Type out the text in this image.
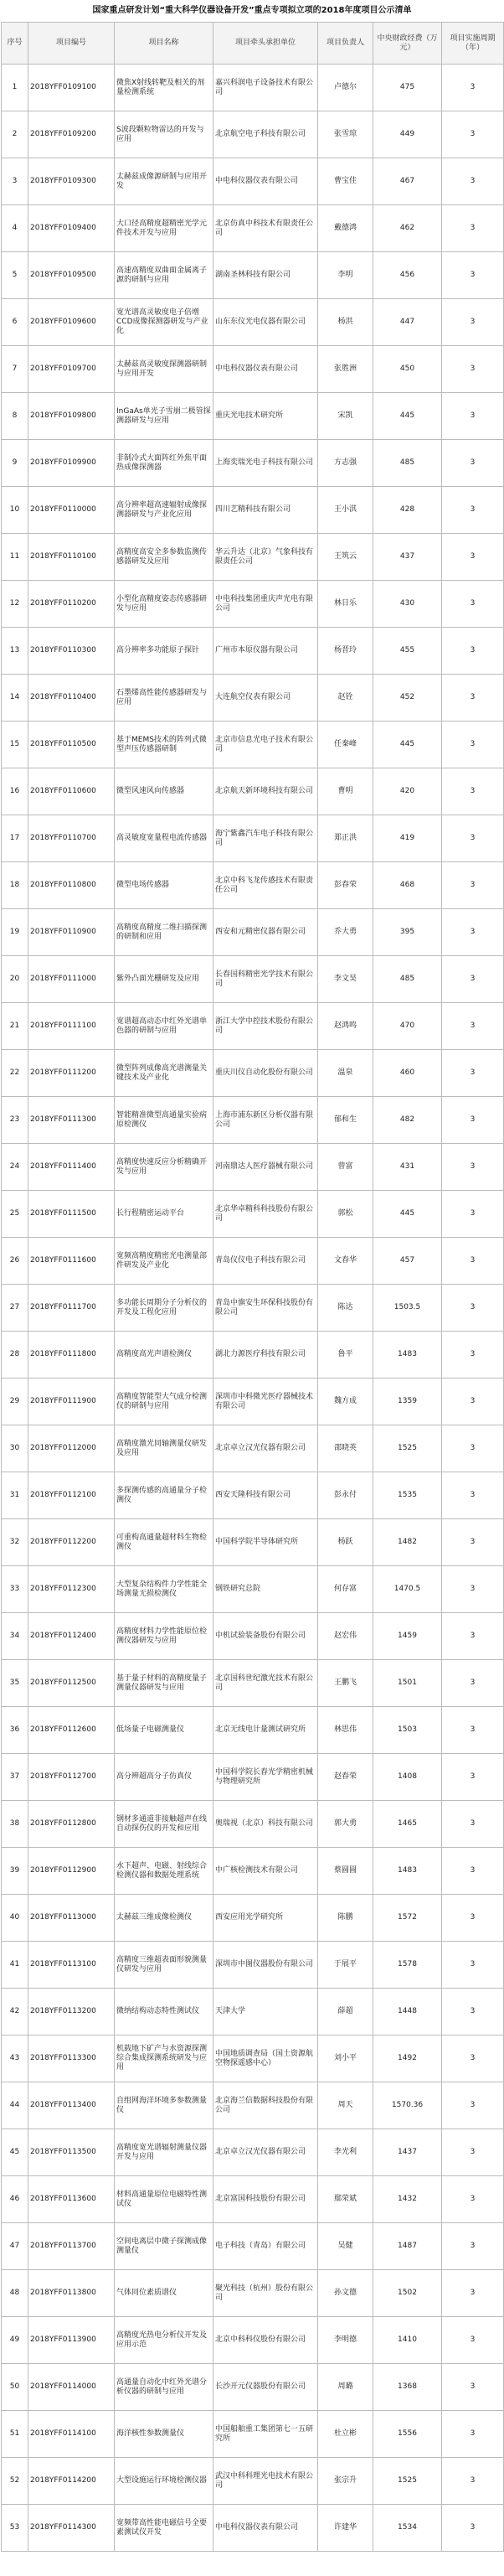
国家重点研发计划“重大科学仪器设备开发”重点专项拟立项的2018年度项目公示清单
序号	项目编号	项目名称	项目牵头承担单位	项目负责人	中央财政经费（万元）	项目实施周期（年）
1	2018YFF0109100	微焦X射线转靶及相关的剂量检测系统	嘉兴科润电子设备技术有限公司	卢德尔	475	3
2	2018YFF0109200	S波段颗粒物雷达的开发与应用	北京航空电子科技有限公司	张雪琼	449	3
3	2018YFF0109300	太赫兹成像源研制与应用开发	中电科仪器仪表有限公司	曹宝佳	467	3
4	2018YFF0109400	大口径高精度超精密光学元件技术开发与应用	北京仿真中科技术有限责任公司	戴德鸿	462	3
5	2018YFF0109500	高速高精度双曲面金属离子源的研制与应用	湖南圣林科技有限公司	李明	456	3
6	2018YFF0109600	宽光谱高灵敏度电子倍增CCD成像探测器研发与产业化	山东东仪光电仪器有限公司	杨洪	447	3
7	2018YFF0109700	太赫兹高灵敏度探测器研制与应用开发	中电科仪器仪表有限公司	张胜洲	450	3
8	2018YFF0109800	InGaAs单光子雪崩二极管探测器研发与应用	重庆光电技术研究所	宋凯	445	3
9	2018YFF0109900	非制冷式大面阵红外焦平面热成像探测器	上海奕瑞光电子科技有限公司	方志强	485	3
10	2018YFF0110000	高分辨率超高速辐射成像探测器研发与产业化应用	四川艺精科技有限公司	王小淇	428	3
11	2018YFF0110100	高精度高安全多参数监测传感器研发及应用	华云升达（北京）气象科技有限责任公司	王筑云	437	3
12	2018YFF0110200	小型化高精度姿态传感器研发与应用	中电科技集团重庆声光电有限公司	林日乐	430	3
13	2018YFF0110300	高分辨率多功能原子探针	广州市本原仪器有限公司	杨晋玲	455	3
14	2018YFF0110400	石墨烯高性能传感器研发与应用	大连航空仪表有限公司	赵铨	452	3
15	2018YFF0110500	基于MEMS技术的阵列式微型声压传感器研制	北京市信息光电子技术有限公司	任秦峰	445	3
16	2018YFF0110600	微型风速风向传感器	北京航天新环境科技有限公司	曹明	420	3
17	2018YFF0110700	高灵敏度宽量程电流传感器	海宁紫鑫汽车电子科技有限公司	郑正洪	419	3
18	2018YFF0110800	微型电场传感器	北京中科飞龙传感技术有限责任公司	彭春荣	468	3
19	2018YFF0110900	高精度高精度二维扫描探测的研制和应用	西安和元精密仪器有限公司	乔大勇	395	3
20	2018YFF0111000	紫外凸面光栅研发及应用	长春国科精密光学技术有限公司	李文昊	485	3
21	2018YFF0111100	宽谱超高动态中红外光谱单色器的研制与应用	浙江大学中控技术股份有限公司	赵鸿鸣	470	3
22	2018YFF0111200	微型阵列成像高光谱测量关键技术及产业化	重庆川仪自动化股份有限公司	温泉	460	3
23	2018YFF0111300	智能精准微型高通量实验病原检测仪	上海市浦东新区分析仪器有限公司	郁和生	482	3
24	2018YFF0111400	高精度快速反应分析精确开发与应用	河南鼎达人医疗器械有限公司	曾富	431	3
25	2018YFF0111500	长行程精密运动平台	北京华卓精科科技股份有限公司	郭松	445	3
26	2018YFF0111600	宽频高精度精密光电测量部件研发及产业化	青岛仪仪电子科技有限公司	文春华	457	3
27	2018YFF0111700	多功能长周期分子分析仪的开发及工程化应用	青岛中旗安生环保科技股份有限公司	陈达	1503.5	3
28	2018YFF0111800	高精度高光声谱检测仪	湖北力源医疗科技有限公司	鲁平	1483	3
29	2018YFF0111900	高精度智能型大气成分检测仪的研制与应用	深圳市中科微光医疗器械技术有限公司	魏方成	1359	3
30	2018YFF0112000	高精度激光同轴测量仪研发及应用	北京卓立汉光仪器有限公司	邵晓英	1525	3
31	2018YFF0112100	多探测传感的高通量分子检测仪	西安天隆科技有限公司	彭永付	1535	3
32	2018YFF0112200	可重构高通量超材料生物检测仪	中国科学院半导体研究所	杨跃	1482	3
33	2018YFF0112300	大型复杂结构件力学性能全场测量无损检测仪	钢铁研究总院	何存富	1470.5	3
34	2018YFF0112400	高精度材料力学性能原位检测仪器研发与应用	中机试验装备股份有限公司	赵宏伟	1459	3
35	2018YFF0112500	基于量子材料的高精度量子测量仪器研发与应用	北京国科世纪激光技术有限公司	王鹏飞	1501	3
36	2018YFF0112600	低场量子电磁测量仪	北京无线电计量测试研究所	林思伟	1503	3
37	2018YFF0112700	高分辨超高分子仿真仪	中国科学院长春光学精密机械与物理研究所	赵春荣	1408	3
38	2018YFF0112800	钢材多通道非接触超声在线自动探伤仪的开发和应用	奥瑞视（北京）科技有限公司	郭大勇	1465	3
39	2018YFF0112900	水下超声、电磁、射线综合检测仪器和数据处理系统	中广核检测技术有限公司	蔡圆圆	1483	3
40	2018YFF0113000	太赫兹三维成像检测仪	西安应用光学研究所	陈鹏	1572	3
41	2018YFF0113100	高精度三维超表面形貌测量仪研发与应用	深圳市中图仪器股份有限公司	于展平	1578	3
42	2018YFF0113200	微纳结构动态特性测试仪	天津大学	薛超	1448	3
43	2018YFF0113300	机载地下矿产与水资源探测综合集成探测系统研发与应用	中国地质调查局（国土资源航空物探遥感中心）	刘小平	1492	3
44	2018YFF0113400	自组网海洋环境多参数测量仪	北京海兰信数据科技股份有限公司	周天	1570.36	3
45	2018YFF0113500	高精度宽光谱辐射测量仪器开发与应用	北京卓立汉光仪器有限公司	李光利	1437	3
46	2018YFF0113600	材料高通量原位电磁特性测试仪	北京富国科技股份有限公司	鄢荣斌	1432	3
47	2018YFF0113700	空间电离层中微子探测成像测量仪	电子科技（青岛）有限公司	吴健	1487	3
48	2018YFF0113800	气体同位素质谱仪	聚光科技（杭州）股份有限公司	孙文德	1502	3
49	2018YFF0113900	高精度光热电分析仪开发及应用示范	北京中科科仪股份有限公司	李明德	1410	3
50	2018YFF0114000	高通量自动化中红外光谱分析仪器的研制与应用	长沙开元仪器股份有限公司	周璐	1368	3
51	2018YFF0114100	海洋核性参数测量仪	中国船舶重工集团第七一五研究所	杜立彬	1556	3
52	2018YFF0114200	大型设施运行环境检测仪器	武汉中科科理光电技术有限公司	张宗升	1525	3
53	2018YFF0114300	宽频带高性能电磁信号全要素测试仪开发	中电科仪器仪表有限公司	许建华	1534	3
